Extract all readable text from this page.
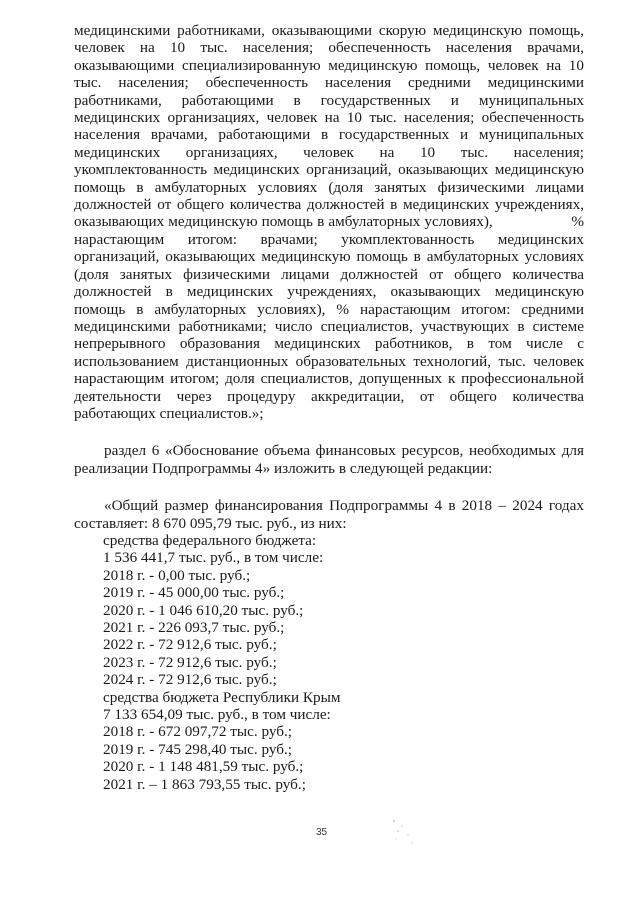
медицинскими работниками, оказывающими скорую медицинскую помощь, человек на 10 тыс. населения; обеспеченность населения врачами, оказывающими специализированную медицинскую помощь, человек на 10 тыс. населения; обеспеченность населения средними медицинскими работниками, работающими в государственных и муниципальных медицинских организациях, человек на 10 тыс. населения; обеспеченность населения врачами, работающими в государственных и муниципальных медицинских организациях, человек на 10 тыс. населения; укомплектованность медицинских организаций, оказывающих медицинскую помощь в амбулаторных условиях (доля занятых физическими лицами должностей от общего количества должностей в медицинских учреждениях, оказывающих медицинскую помощь в амбулаторных условиях),                   % нарастающим итогом: врачами; укомплектованность медицинских организаций, оказывающих медицинскую помощь в амбулаторных условиях (доля занятых физическими лицами должностей от общего количества должностей в медицинских учреждениях, оказывающих медицинскую помощь в амбулаторных условиях), % нарастающим итогом: средними медицинскими работниками; число специалистов, участвующих в системе непрерывного образования медицинских работников, в том числе с использованием дистанционных образовательных технологий, тыс. человек нарастающим итогом; доля специалистов, допущенных к профессиональной деятельности через процедуру аккредитации, от общего количества работающих специалистов.»;

раздел 6 «Обоснование объема финансовых ресурсов, необходимых для реализации Подпрограммы 4» изложить в следующей редакции:

«Общий размер финансирования Подпрограммы 4 в 2018 – 2024 годах составляет: 8 670 095,79 тыс. руб., из них:

средства федерального бюджета:
1 536 441,7 тыс. руб., в том числе:
2018 г. - 0,00 тыс. руб.;
2019 г. - 45 000,00 тыс. руб.;
2020 г. - 1 046 610,20 тыс. руб.;
2021 г. - 226 093,7 тыс. руб.;
2022 г. - 72 912,6 тыс. руб.;
2023 г. - 72 912,6 тыс. руб.;
2024 г. - 72 912,6 тыс. руб.;
средства бюджета Республики Крым
7 133 654,09 тыс. руб., в том числе:
2018 г. - 672 097,72 тыс. руб.;
2019 г. - 745 298,40 тыс. руб.;
2020 г. - 1 148 481,59 тыс. руб.;
2021 г. – 1 863 793,55 тыс. руб.;
35
